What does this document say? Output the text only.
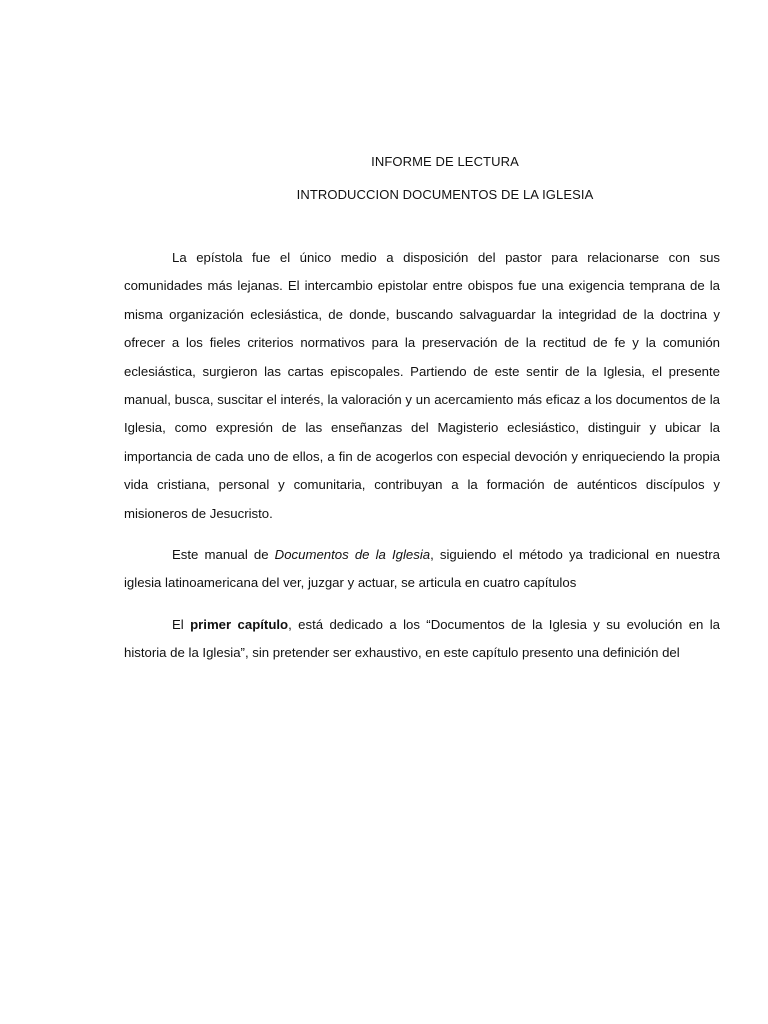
INFORME DE LECTURA
INTRODUCCION DOCUMENTOS DE LA IGLESIA

La epístola fue el único medio a disposición del pastor para relacionarse con sus comunidades más lejanas. El intercambio epistolar entre obispos fue una exigencia temprana de la misma organización eclesiástica, de donde, buscando salvaguardar la integridad de la doctrina y ofrecer a los fieles criterios normativos para la preservación de la rectitud de fe y la comunión eclesiástica, surgieron las cartas episcopales. Partiendo de este sentir de la Iglesia, el presente manual, busca, suscitar el interés, la valoración y un acercamiento más eficaz a los documentos de la Iglesia, como expresión de las enseñanzas del Magisterio eclesiástico, distinguir y ubicar la importancia de cada uno de ellos, a fin de acogerlos con especial devoción y enriqueciendo la propia vida cristiana, personal y comunitaria, contribuyan a la formación de auténticos discípulos y misioneros de Jesucristo.

Este manual de Documentos de la Iglesia, siguiendo el método ya tradicional en nuestra iglesia latinoamericana del ver, juzgar y actuar, se articula en cuatro capítulos

El primer capítulo, está dedicado a los “Documentos de la Iglesia y su evolución en la historia de la Iglesia”, sin pretender ser exhaustivo, en este capítulo presento una definición del
